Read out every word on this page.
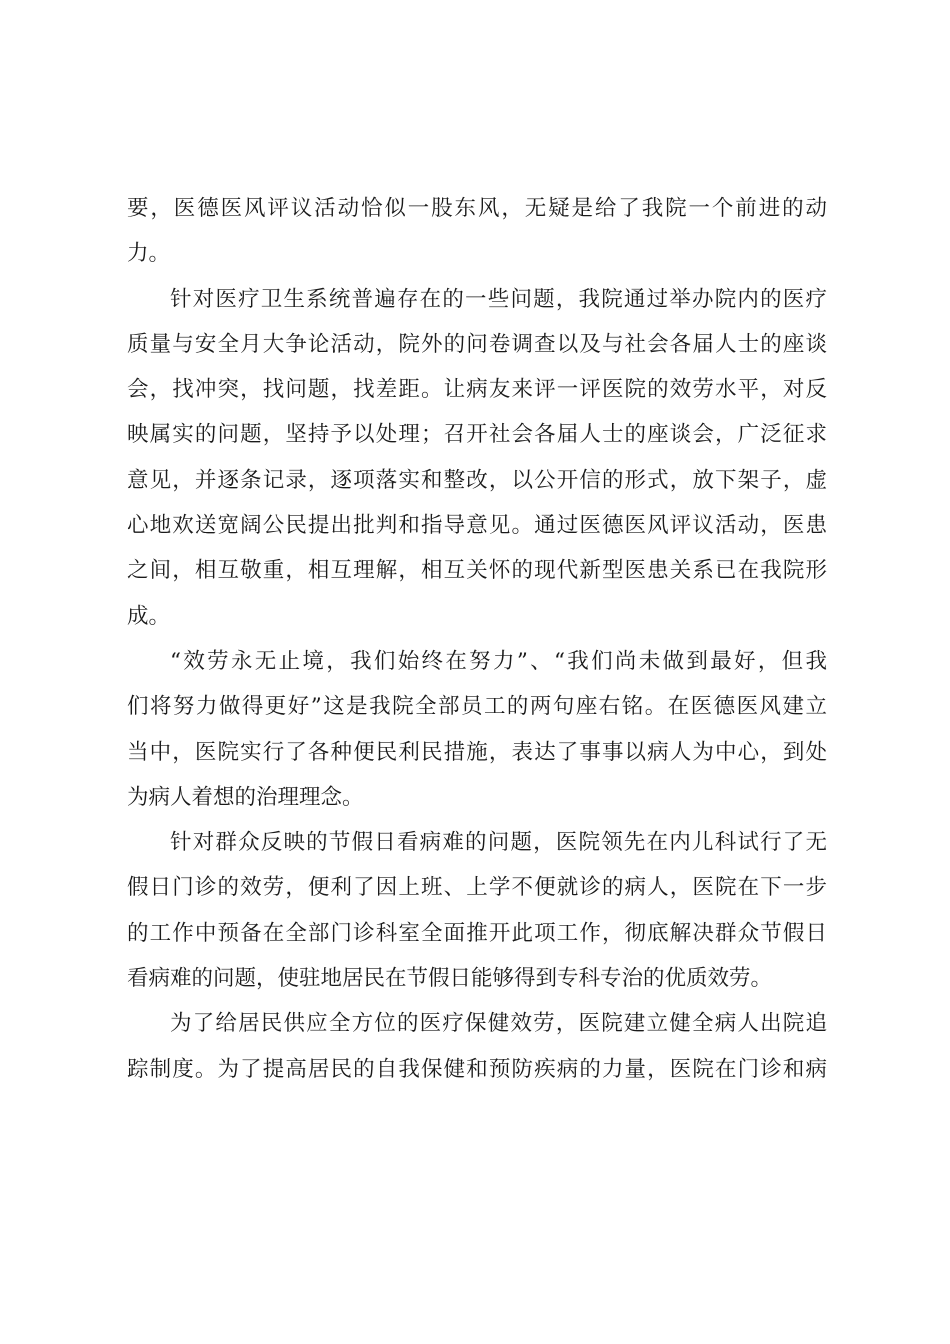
要，医德医风评议活动恰似一股东风，无疑是给了我院一个前进的动
力。
针对医疗卫生系统普遍存在的一些问题，我院通过举办院内的医疗
质量与安全月大争论活动，院外的问卷调查以及与社会各届人士的座谈
会，找冲突，找问题，找差距。让病友来评一评医院的效劳水平，对反
映属实的问题，坚持予以处理；召开社会各届人士的座谈会，广泛征求
意见，并逐条记录，逐项落实和整改，以公开信的形式，放下架子，虚
心地欢送宽阔公民提出批判和指导意见。通过医德医风评议活动，医患
之间，相互敬重，相互理解，相互关怀的现代新型医患关系已在我院形
成。
“效劳永无止境，我们始终在努力”、“我们尚未做到最好，但我
们将努力做得更好”这是我院全部员工的两句座右铭。在医德医风建立
当中，医院实行了各种便民利民措施，表达了事事以病人为中心，到处
为病人着想的治理理念。
针对群众反映的节假日看病难的问题，医院领先在内儿科试行了无
假日门诊的效劳，便利了因上班、上学不便就诊的病人，医院在下一步
的工作中预备在全部门诊科室全面推开此项工作，彻底解决群众节假日
看病难的问题，使驻地居民在节假日能够得到专科专治的优质效劳。
为了给居民供应全方位的医疗保健效劳，医院建立健全病人出院追
踪制度。为了提高居民的自我保健和预防疾病的力量，医院在门诊和病
